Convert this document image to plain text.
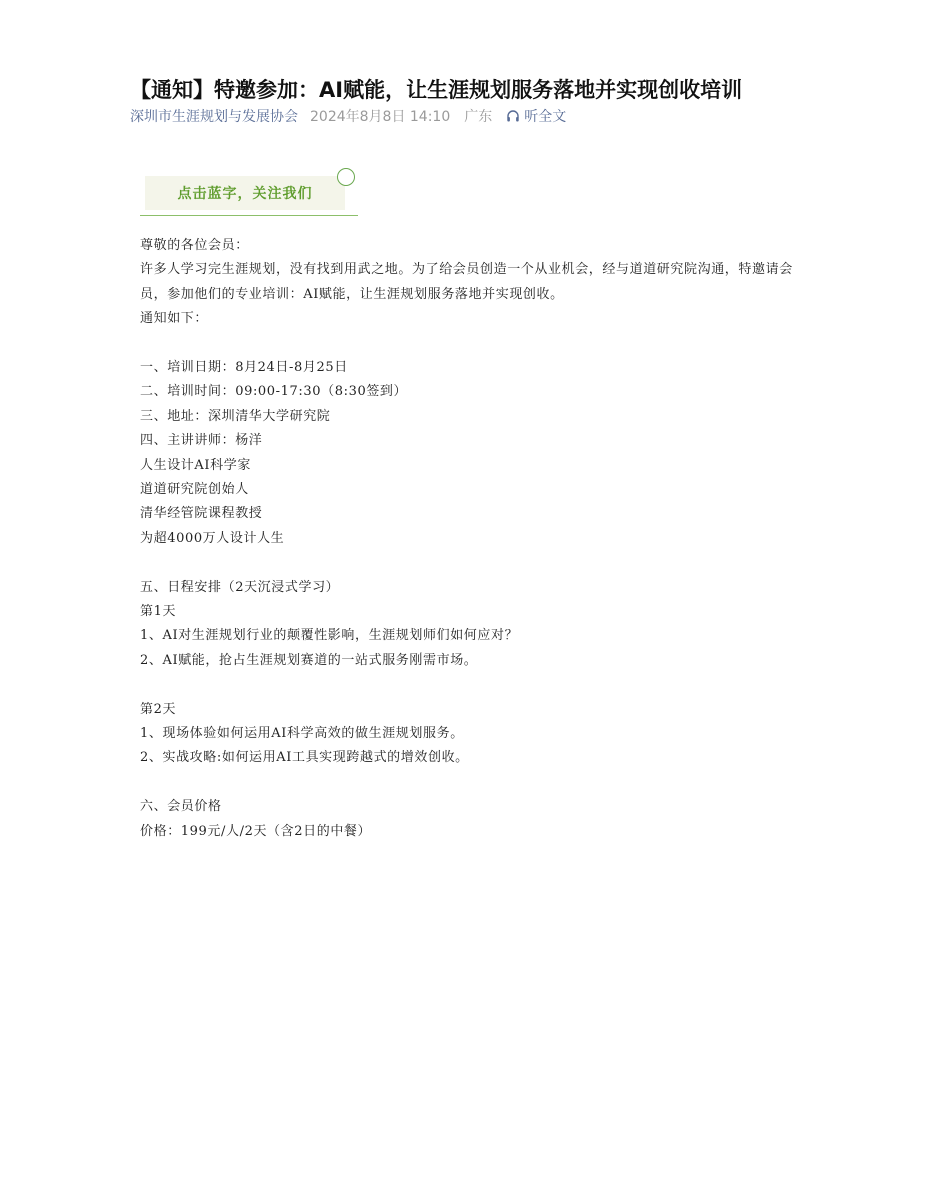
【通知】特邀参加：AI赋能，让生涯规划服务落地并实现创收培训
深圳市生涯规划与发展协会 2024年8月8日 14:10 广东 听全文
点击蓝字，关注我们

尊敬的各位会员：

许多人学习完生涯规划，没有找到用武之地。为了给会员创造一个从业机会，经与道道研究院沟通，特邀请会员，参加他们的专业培训：AI赋能，让生涯规划服务落地并实现创收。

通知如下：

一、培训日期：8月24日-8月25日

二、培训时间：09:00-17:30（8:30签到）

三、地址：深圳清华大学研究院

四、主讲讲师：杨洋

人生设计AI科学家

道道研究院创始人

清华经管院课程教授

为超4000万人设计人生

五、日程安排（2天沉浸式学习）

第1天

1、AI对生涯规划行业的颠覆性影响，生涯规划师们如何应对？

2、AI赋能，抢占生涯规划赛道的一站式服务刚需市场。

第2天

1、现场体验如何运用AI科学高效的做生涯规划服务。

2、实战攻略:如何运用AI工具实现跨越式的增效创收。

六、会员价格

价格：199元/人/2天（含2日的中餐）
